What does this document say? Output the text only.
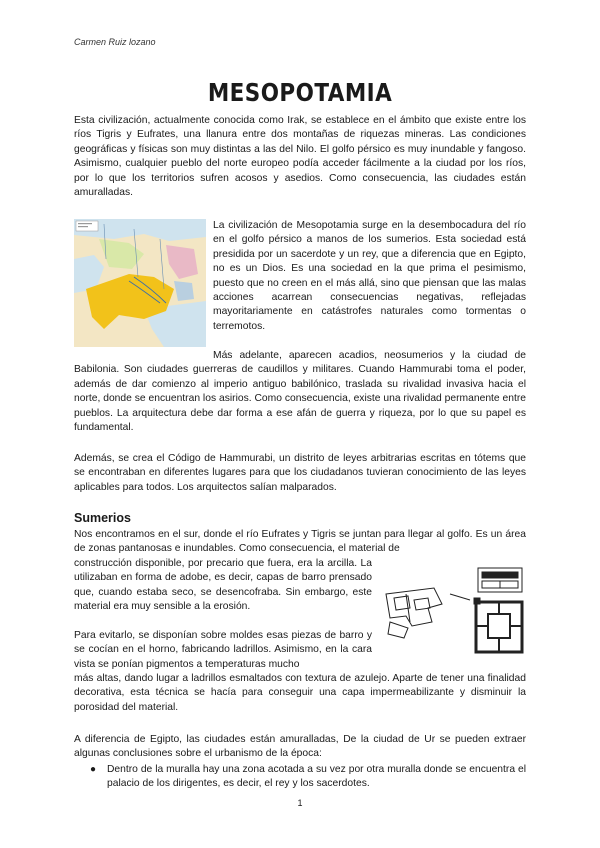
Carmen Ruiz lozano
MESOPOTAMIA

Esta civilización, actualmente conocida como Irak, se establece en el ámbito que existe entre los ríos Tigris y Eufrates, una llanura entre dos montañas de riquezas mineras. Las condiciones geográficas y físicas son muy distintas a las del Nilo. El golfo pérsico es muy inundable y fangoso. Asimismo, cualquier pueblo del norte europeo podía acceder fácilmente a la ciudad por los ríos, por lo que los territorios sufren acosos y asedios. Como consecuencia, las ciudades están amuralladas.

La civilización de Mesopotamia surge en la desembocadura del río en el golfo pérsico a manos de los sumerios. Esta sociedad está presidida por un sacerdote y un rey, que a diferencia que en Egipto, no es un Dios. Es una sociedad en la que prima el pesimismo, puesto que no creen en el más allá, sino que piensan que las malas acciones acarrean consecuencias negativas, reflejadas mayoritariamente en catástrofes naturales como tormentas o terremotos.

Más adelante, aparecen acadios, neosumerios y la ciudad de Babilonia. Son ciudades guerreras de caudillos y militares. Cuando Hammurabi toma el poder, además de dar comienzo al imperio antiguo babilónico, traslada su rivalidad invasiva hacia el norte, donde se encuentran los asirios. Como consecuencia, existe una rivalidad permanente entre pueblos. La arquitectura debe dar forma a ese afán de guerra y riqueza, por lo que su papel es fundamental.

Además, se crea el Código de Hammurabi, un distrito de leyes arbitrarias escritas en tótems que se encontraban en diferentes lugares para que los ciudadanos tuvieran conocimiento de las leyes aplicables para todos. Los arquitectos salían malparados.

Sumerios

Nos encontramos en el sur, donde el río Eufrates y Tigris se juntan para llegar al golfo. Es un área de zonas pantanosas e inundables. Como consecuencia, el material de

construcción disponible, por precario que fuera, era la arcilla. La utilizaban en forma de adobe, es decir, capas de barro prensado que, cuando estaba seco, se desencofraba. Sin embargo, este material era muy sensible a la erosión.

Para evitarlo, se disponían sobre moldes esas piezas de barro y se cocían en el horno, fabricando ladrillos. Asimismo, en la cara vista se ponían pigmentos a temperaturas mucho

más altas, dando lugar a ladrillos esmaltados con textura de azulejo. Aparte de tener una finalidad decorativa, esta técnica se hacía para conseguir una capa impermeabilizante y disminuir la porosidad del material.

A diferencia de Egipto, las ciudades están amuralladas, De la ciudad de Ur se pueden extraer algunas conclusiones sobre el urbanismo de la época:

● Dentro de la muralla hay una zona acotada a su vez por otra muralla donde se encuentra el palacio de los dirigentes, es decir, el rey y los sacerdotes.

1
